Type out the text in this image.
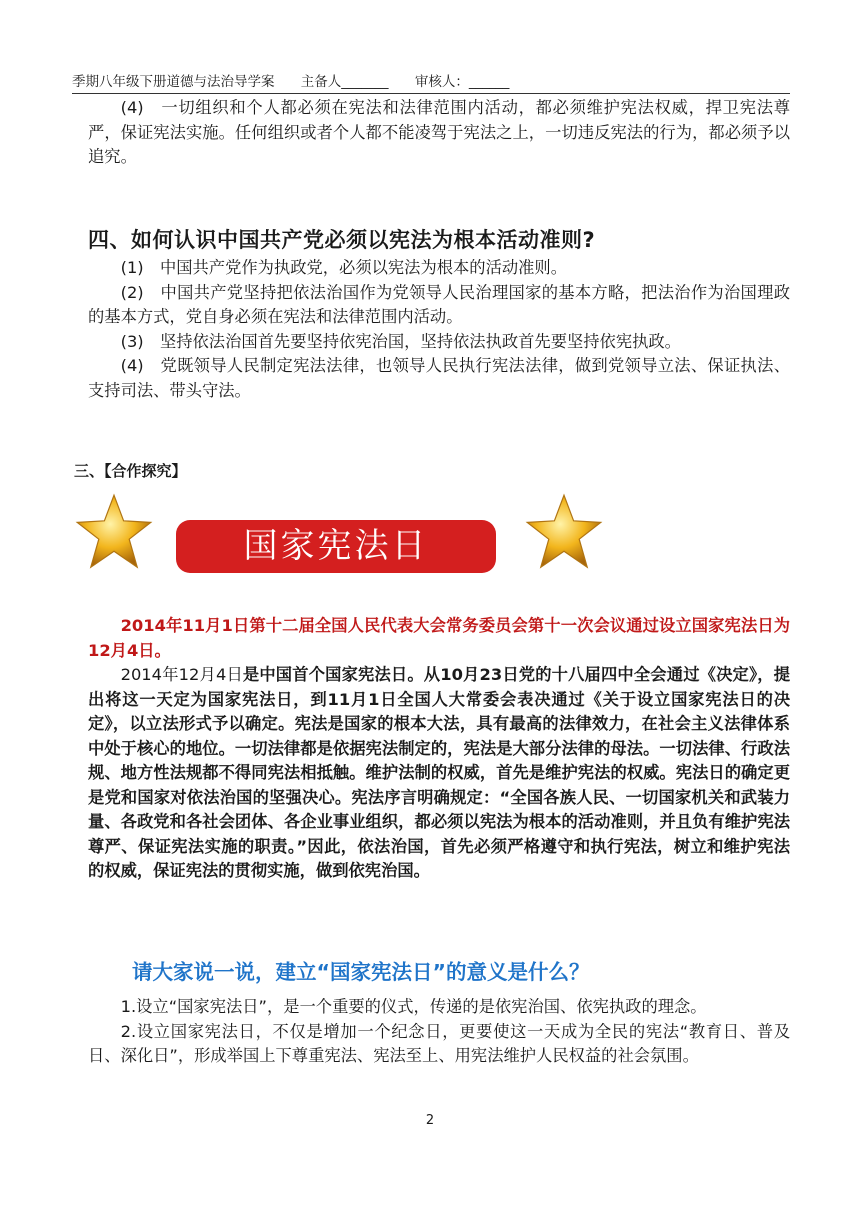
季期八年级下册道德与法治导学案 主备人_______ 审核人：______
(4)　一切组织和个人都必须在宪法和法律范围内活动，都必须维护宪法权威，捍卫宪法尊严，保证宪法实施。任何组织或者个人都不能凌驾于宪法之上，一切违反宪法的行为，都必须予以追究。
四、如何认识中国共产党必须以宪法为根本活动准则?
(1)　中国共产党作为执政党，必须以宪法为根本的活动准则。
(2)　中国共产党坚持把依法治国作为党领导人民治理国家的基本方略，把法治作为治国理政的基本方式，党自身必须在宪法和法律范围内活动。
(3)　坚持依法治国首先要坚持依宪治国，坚持依法执政首先要坚持依宪执政。
(4)　党既领导人民制定宪法法律，也领导人民执行宪法法律，做到党领导立法、保证执法、支持司法、带头守法。
三、【合作探究】
国家宪法日
2014年11月1日第十二届全国人民代表大会常务委员会第十一次会议通过设立国家宪法日为12月4日。
2014年12月4日是中国首个国家宪法日。从10月23日党的十八届四中全会通过《决定》，提出将这一天定为国家宪法日，到11月1日全国人大常委会表决通过《关于设立国家宪法日的决定》，以立法形式予以确定。宪法是国家的根本大法，具有最高的法律效力，在社会主义法律体系中处于核心的地位。一切法律都是依据宪法制定的，宪法是大部分法律的母法。一切法律、行政法规、地方性法规都不得同宪法相抵触。维护法制的权威，首先是维护宪法的权威。宪法日的确定更是党和国家对依法治国的坚强决心。宪法序言明确规定：“全国各族人民、一切国家机关和武装力量、各政党和各社会团体、各企业事业组织，都必须以宪法为根本的活动准则，并且负有维护宪法尊严、保证宪法实施的职责。”因此，依法治国，首先必须严格遵守和执行宪法，树立和维护宪法的权威，保证宪法的贯彻实施，做到依宪治国。
请大家说一说，建立“国家宪法日”的意义是什么？
1.设立“国家宪法日”，是一个重要的仪式，传递的是依宪治国、依宪执政的理念。
2.设立国家宪法日，不仅是增加一个纪念日，更要使这一天成为全民的宪法“教育日、普及日、深化日”，形成举国上下尊重宪法、宪法至上、用宪法维护人民权益的社会氛围。
2
